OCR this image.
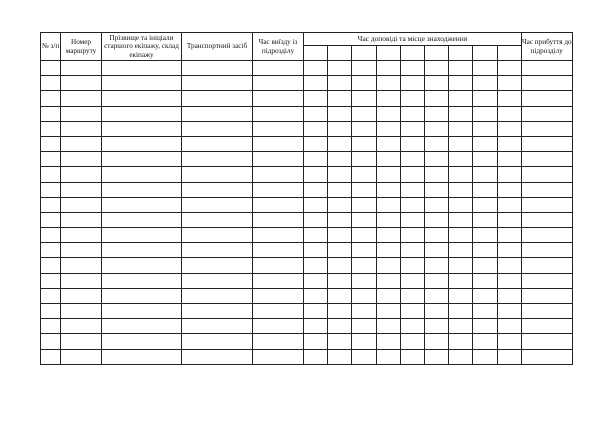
№ з/п	Номер маршруту	Прізвище та ініціали старшого екіпажу, склад екіпажу	Транспортний засіб	Час виїзду із підрозділу	Час доповіді та місце знаходження									Час прибуття до підрозділу
